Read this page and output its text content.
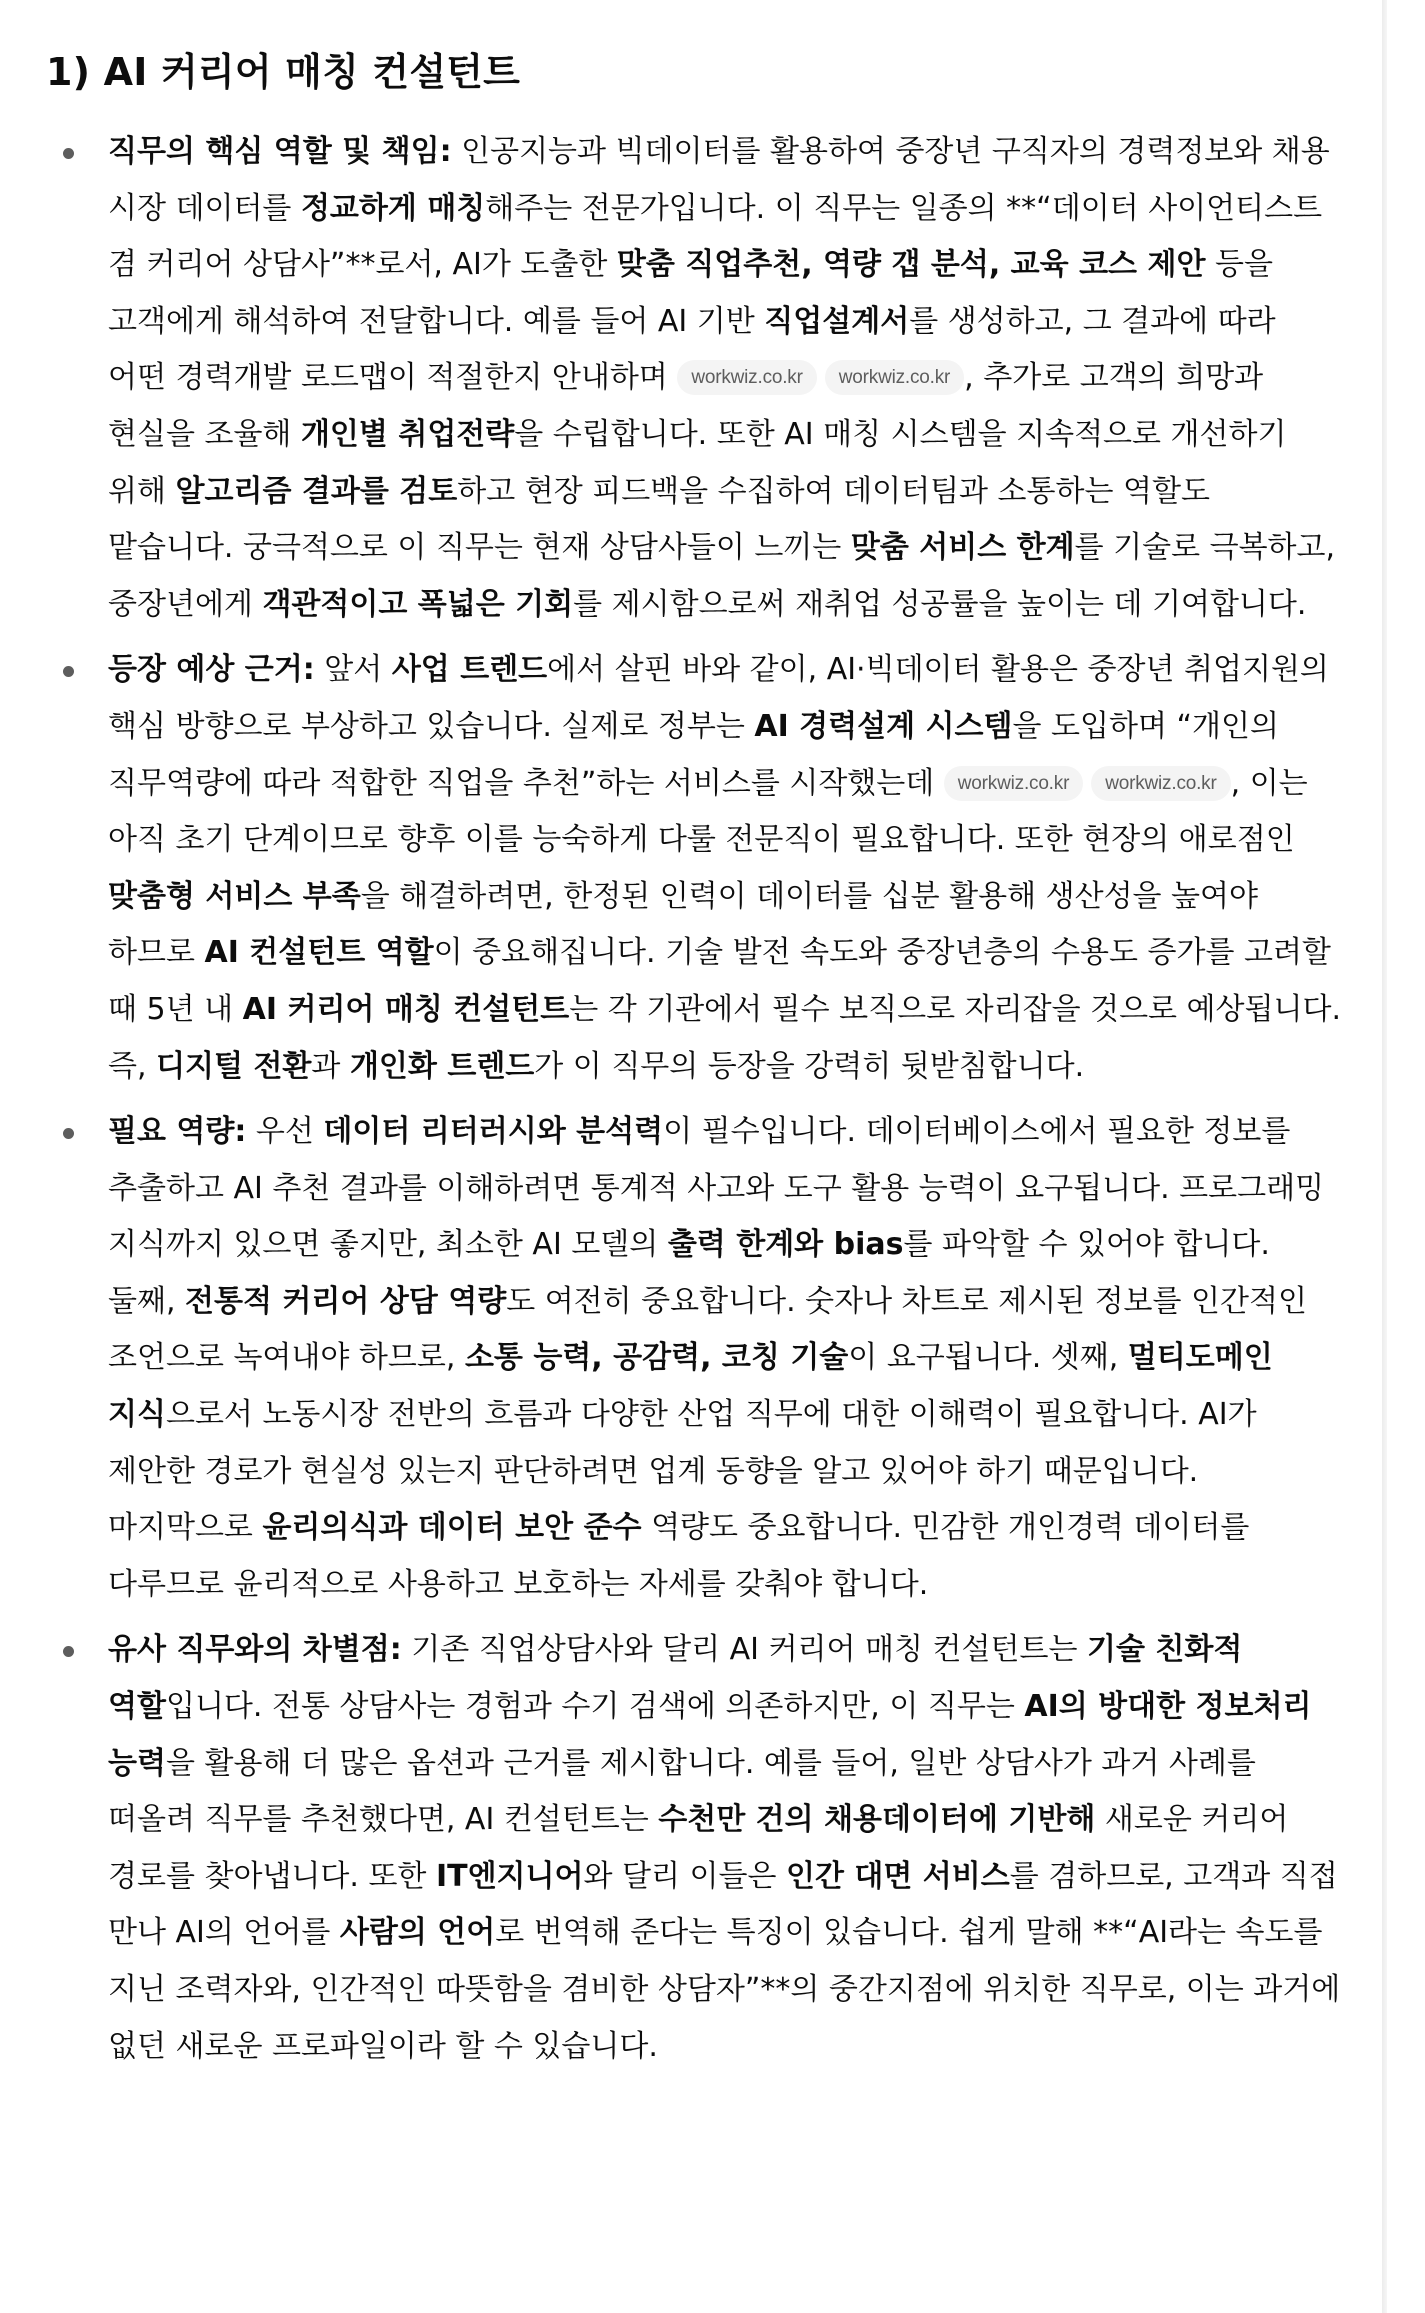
1) AI 커리어 매칭 컨설턴트
직무의 핵심 역할 및 책임: 인공지능과 빅데이터를 활용하여 중장년 구직자의 경력정보와 채용 시장 데이터를 정교하게 매칭해주는 전문가입니다. 이 직무는 일종의 **“데이터 사이언티스트 겸 커리어 상담사”**로서, AI가 도출한 맞춤 직업추천, 역량 갭 분석, 교육 코스 제안 등을 고객에게 해석하여 전달합니다. 예를 들어 AI 기반 직업설계서를 생성하고, 그 결과에 따라 어떤 경력개발 로드맵이 적절한지 안내하며 workwiz.co.kr workwiz.co.kr , 추가로 고객의 희망과 현실을 조율해 개인별 취업전략을 수립합니다. 또한 AI 매칭 시스템을 지속적으로 개선하기 위해 알고리즘 결과를 검토하고 현장 피드백을 수집하여 데이터팀과 소통하는 역할도 맡습니다. 궁극적으로 이 직무는 현재 상담사들이 느끼는 맞춤 서비스 한계를 기술로 극복하고, 중장년에게 객관적이고 폭넓은 기회를 제시함으로써 재취업 성공률을 높이는 데 기여합니다.
등장 예상 근거: 앞서 사업 트렌드에서 살핀 바와 같이, AI·빅데이터 활용은 중장년 취업지원의 핵심 방향으로 부상하고 있습니다. 실제로 정부는 AI 경력설계 시스템을 도입하며 “개인의 직무역량에 따라 적합한 직업을 추천”하는 서비스를 시작했는데 workwiz.co.kr workwiz.co.kr , 이는 아직 초기 단계이므로 향후 이를 능숙하게 다룰 전문직이 필요합니다. 또한 현장의 애로점인 맞춤형 서비스 부족을 해결하려면, 한정된 인력이 데이터를 십분 활용해 생산성을 높여야 하므로 AI 컨설턴트 역할이 중요해집니다. 기술 발전 속도와 중장년층의 수용도 증가를 고려할 때 5년 내 AI 커리어 매칭 컨설턴트는 각 기관에서 필수 보직으로 자리잡을 것으로 예상됩니다. 즉, 디지털 전환과 개인화 트렌드가 이 직무의 등장을 강력히 뒷받침합니다.
필요 역량: 우선 데이터 리터러시와 분석력이 필수입니다. 데이터베이스에서 필요한 정보를 추출하고 AI 추천 결과를 이해하려면 통계적 사고와 도구 활용 능력이 요구됩니다. 프로그래밍 지식까지 있으면 좋지만, 최소한 AI 모델의 출력 한계와 bias를 파악할 수 있어야 합니다. 둘째, 전통적 커리어 상담 역량도 여전히 중요합니다. 숫자나 차트로 제시된 정보를 인간적인 조언으로 녹여내야 하므로, 소통 능력, 공감력, 코칭 기술이 요구됩니다. 셋째, 멀티도메인 지식으로서 노동시장 전반의 흐름과 다양한 산업 직무에 대한 이해력이 필요합니다. AI가 제안한 경로가 현실성 있는지 판단하려면 업계 동향을 알고 있어야 하기 때문입니다. 마지막으로 윤리의식과 데이터 보안 준수 역량도 중요합니다. 민감한 개인경력 데이터를 다루므로 윤리적으로 사용하고 보호하는 자세를 갖춰야 합니다.
유사 직무와의 차별점: 기존 직업상담사와 달리 AI 커리어 매칭 컨설턴트는 기술 친화적 역할입니다. 전통 상담사는 경험과 수기 검색에 의존하지만, 이 직무는 AI의 방대한 정보처리 능력을 활용해 더 많은 옵션과 근거를 제시합니다. 예를 들어, 일반 상담사가 과거 사례를 떠올려 직무를 추천했다면, AI 컨설턴트는 수천만 건의 채용데이터에 기반해 새로운 커리어 경로를 찾아냅니다. 또한 IT엔지니어와 달리 이들은 인간 대면 서비스를 겸하므로, 고객과 직접 만나 AI의 언어를 사람의 언어로 번역해 준다는 특징이 있습니다. 쉽게 말해 **“AI라는 속도를 지닌 조력자와, 인간적인 따뜻함을 겸비한 상담자”**의 중간지점에 위치한 직무로, 이는 과거에 없던 새로운 프로파일이라 할 수 있습니다.
